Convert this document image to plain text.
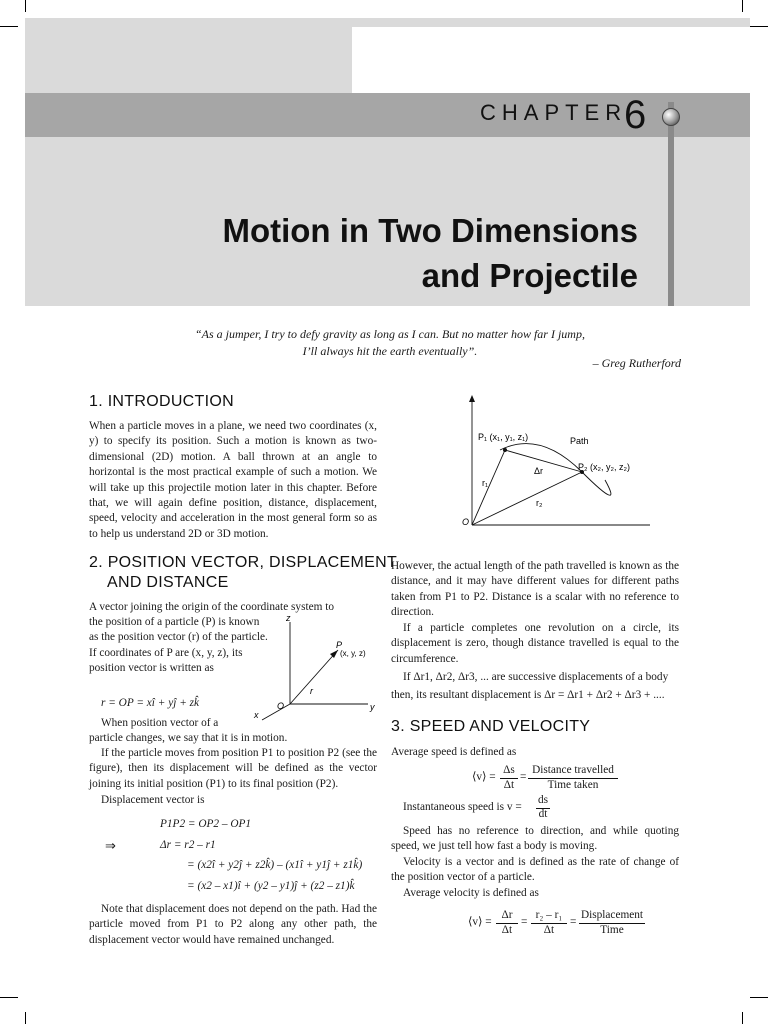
CHAPTER
6
Motion in Two Dimensions
and Projectile
“As a jumper, I try to defy gravity as long as I can. But no matter how far I jump,
I’ll always hit the earth eventually”.
– Greg Rutherford
1. INTRODUCTION
When a particle moves in a plane, we need two coordinates (x, y) to specify its position. Such a motion is known as two-dimensional (2D) motion. A ball thrown at an angle to horizontal is the most practical example of such a motion. We will take up this projectile motion later in this chapter. Before that, we will again define position, distance, displacement, speed, velocity and acceleration in the most general form so as to help us understand 2D or 3D motion.
2. POSITION VECTOR, DISPLACEMENT
AND DISTANCE
A vector joining the origin of the coordinate system to
the position of a particle (P) is known as the position vector (r) of the particle. If coordinates of P are (x, y, z), its position vector is written as
r = OP = xî + yĵ + zk̂
When position vector of a
particle changes, we say that it is in motion.
If the particle moves from position P1 to position P2 (see the figure), then its displacement will be defined as the vector joining its initial position (P1) to its final position (P2).
Displacement vector is
P1P2 = OP2 – OP1
⇒	Δr = r2 – r1
= (x2î + y2ĵ + z2k̂) – (x1î + y1ĵ + z1k̂)
= (x2 – x1)î + (y2 – y1)ĵ + (z2 – z1)k̂
Note that displacement does not depend on the path. Had the particle moved from P1 to P2 along any other path, the displacement vector would have remained unchanged.
z
y
x
O
P
(x, y, z)
r
P₁ (x₁, y₁, z₁)
P₂ (x₂, y₂, z₂)
Path
Δr
r₁
r₂
O
However, the actual length of the path travelled is known as the distance, and it may have different values for different paths taken from P1 to P2. Distance is a scalar with no reference to direction.
If a particle completes one revolution on a circle, its displacement is zero, though distance travelled is equal to the circumference.
If Δr1, Δr2, Δr3, ... are successive displacements of a body
then, its resultant displacement is Δr = Δr1 + Δr2 + Δr3 + ....
3. SPEED AND VELOCITY
Average speed is defined as
⟨v⟩ =
Δs
Δt
=
Distance travelled
Time taken
Instantaneous speed is v =
ds
dt
Speed has no reference to direction, and while quoting speed, we just tell how fast a body is moving.
Velocity is a vector and is defined as the rate of change of the position vector of a particle.
Average velocity is defined as
⟨v⟩ =
Δr
Δt
=
r₂ – r₁
Δt
=
Displacement
Time
